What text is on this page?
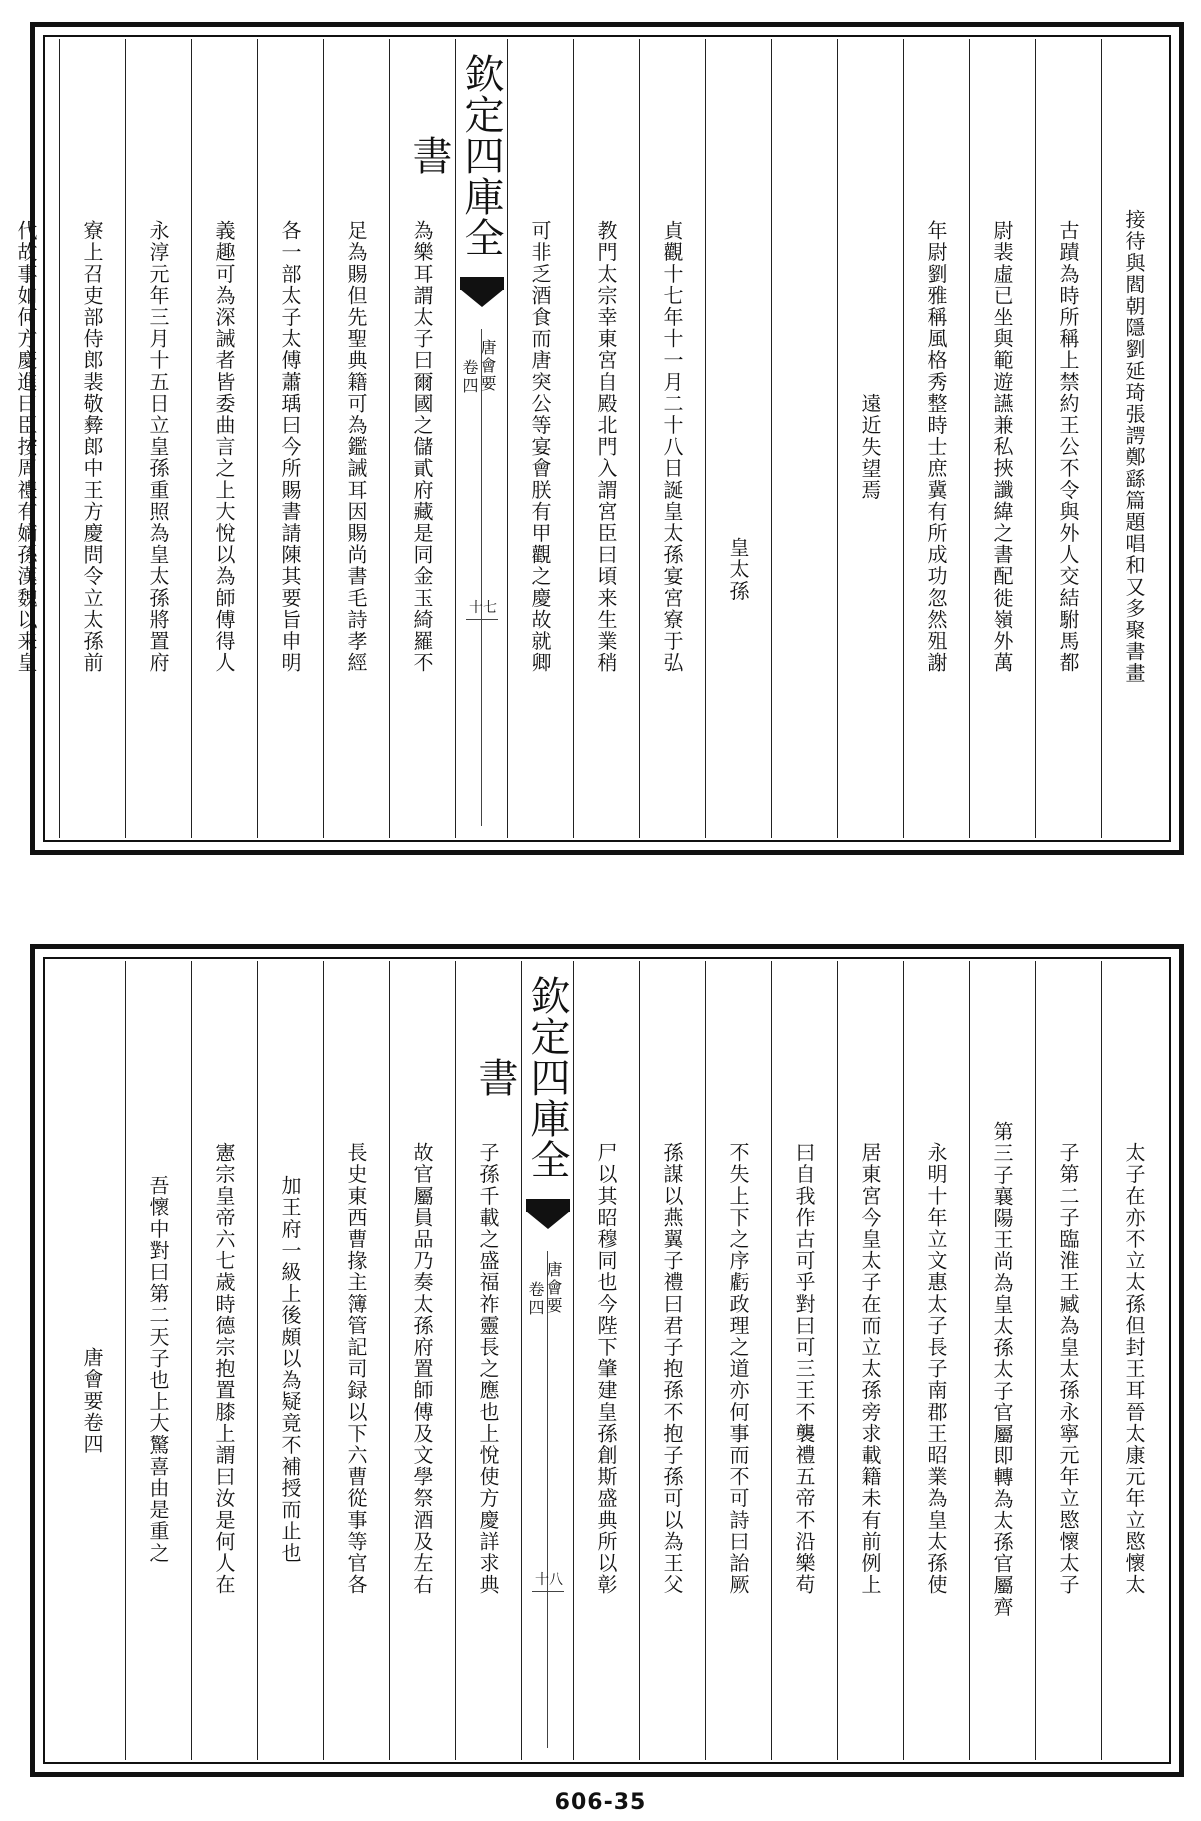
接待與閻朝隱劉延琦張諤鄭繇篇題唱和又多聚書畫
古蹟為時所稱上禁約王公不令與外人交結駙馬都
尉裴虛已坐與範遊讌兼私挾讖緯之書配徙嶺外萬
年尉劉雅稱風格秀整時士庶冀有所成功忽然殂謝
遠近失望焉
皇太孫
貞觀十七年十一月二十八日誕皇太孫宴宮寮于弘
教門太宗幸東宮自殿北門入謂宮臣曰頃来生業稍
可非乏酒食而唐突公等宴會朕有甲觀之慶故就卿
欽定四庫全書
唐會要
卷四
十七
為樂耳謂太子曰爾國之儲貳府藏是同金玉綺羅不
足為賜但先聖典籍可為鑑誡耳因賜尚書毛詩孝經
各一部太子太傅蕭瑀曰今所賜書請陳其要旨申明
義趣可為深誡者皆委曲言之上大悅以為師傅得人
永淳元年三月十五日立皇孫重照為皇太孫將置府
寮上召吏部侍郎裴敬彜郎中王方慶問令立太孫前
代故事如何方慶進曰臣按周禮有嫡孫漢魏以来皇
太子在亦不立太孫但封王耳晉太康元年立愍懷太
子第二子臨淮王臧為皇太孫永寧元年立愍懷太子
第三子襄陽王尚為皇太孫太子官屬即轉為太孫官屬齊
永明十年立文惠太子長子南郡王昭業為皇太孫使
居東宮今皇太子在而立太孫旁求載籍未有前例上
曰自我作古可乎對曰可三王不襲禮五帝不沿樂苟
不失上下之序虧政理之道亦何事而不可詩曰詒厥
孫謀以燕翼子禮曰君子抱孫不抱子孫可以為王父
尸以其昭穆同也今陛下肇建皇孫創斯盛典所以彰
欽定四庫全書
唐會要
卷四
十八
子孫千載之盛福祚靈長之應也上悅使方慶詳求典
故官屬員品乃奏太孫府置師傅及文學祭酒及左右
長史東西曹掾主簿管記司録以下六曹從事等官各
加王府一級上後頗以為疑竟不補授而止也
憲宗皇帝六七歳時德宗抱置膝上謂曰汝是何人在
吾懷中對曰第二天子也上大驚喜由是重之
唐會要卷四
606-35
